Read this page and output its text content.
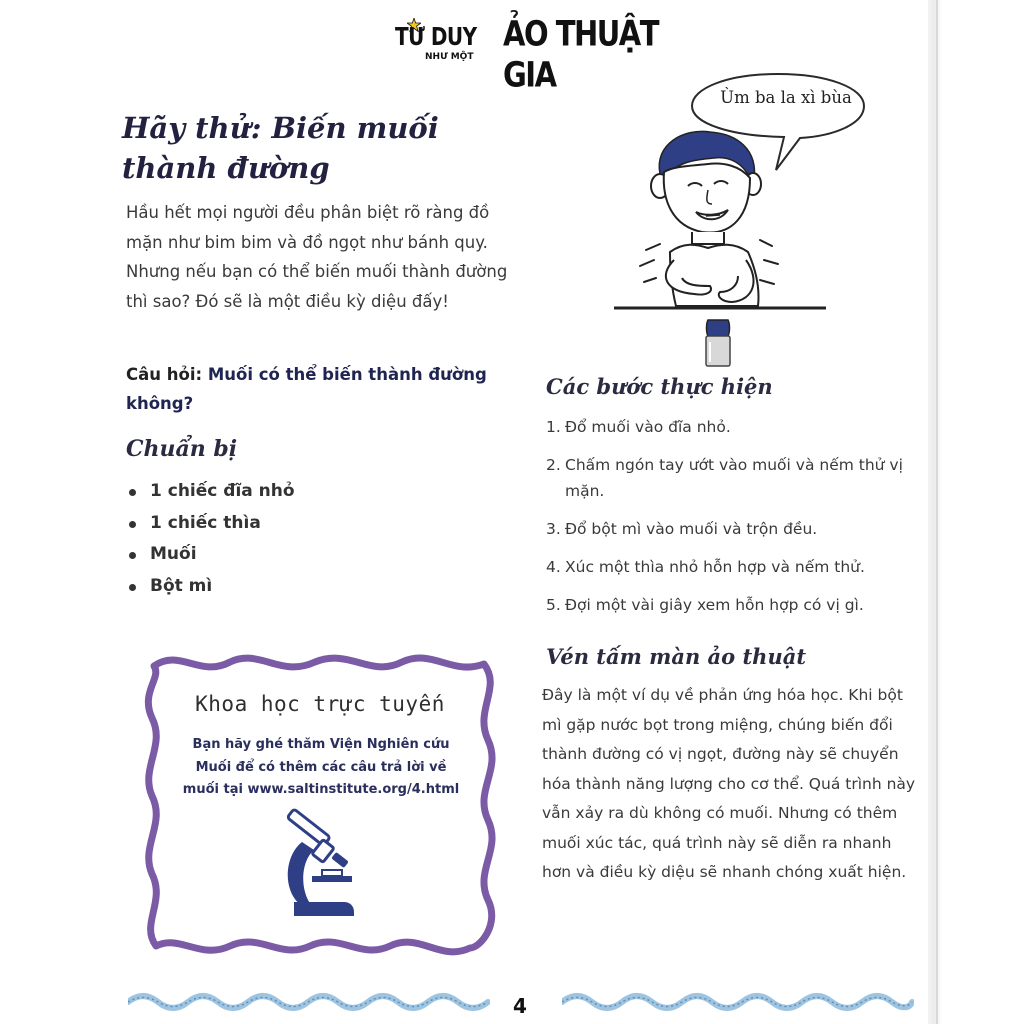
TƯ DUY
NHƯ MỘT
ẢO THUẬT GIA
Hãy thử: Biến muối thành đường

Hầu hết mọi người đều phân biệt rõ ràng đồ mặn như bim bim và đồ ngọt như bánh quy. Nhưng nếu bạn có thể biến muối thành đường thì sao? Đó sẽ là một điều kỳ diệu đấy!

Câu hỏi: Muối có thể biến thành đường không?

Chuẩn bị
1 chiếc đĩa nhỏ
1 chiếc thìa
Muối
Bột mì
Khoa học trực tuyến
Bạn hãy ghé thăm Viện Nghiên cứu Muối để có thêm các câu trả lời về muối tại www.saltinstitute.org/4.html
Ùm ba la xì bùa
Các bước thực hiện
1. Đổ muối vào đĩa nhỏ.
2. Chấm ngón tay ướt vào muối và nếm thử vị mặn.
3. Đổ bột mì vào muối và trộn đều.
4. Xúc một thìa nhỏ hỗn hợp và nếm thử.
5. Đợi một vài giây xem hỗn hợp có vị gì.
Vén tấm màn ảo thuật

Đây là một ví dụ về phản ứng hóa học. Khi bột mì gặp nước bọt trong miệng, chúng biến đổi thành đường có vị ngọt, đường này sẽ chuyển hóa thành năng lượng cho cơ thể. Quá trình này vẫn xảy ra dù không có muối. Nhưng có thêm muối xúc tác, quá trình này sẽ diễn ra nhanh hơn và điều kỳ diệu sẽ nhanh chóng xuất hiện.

4
